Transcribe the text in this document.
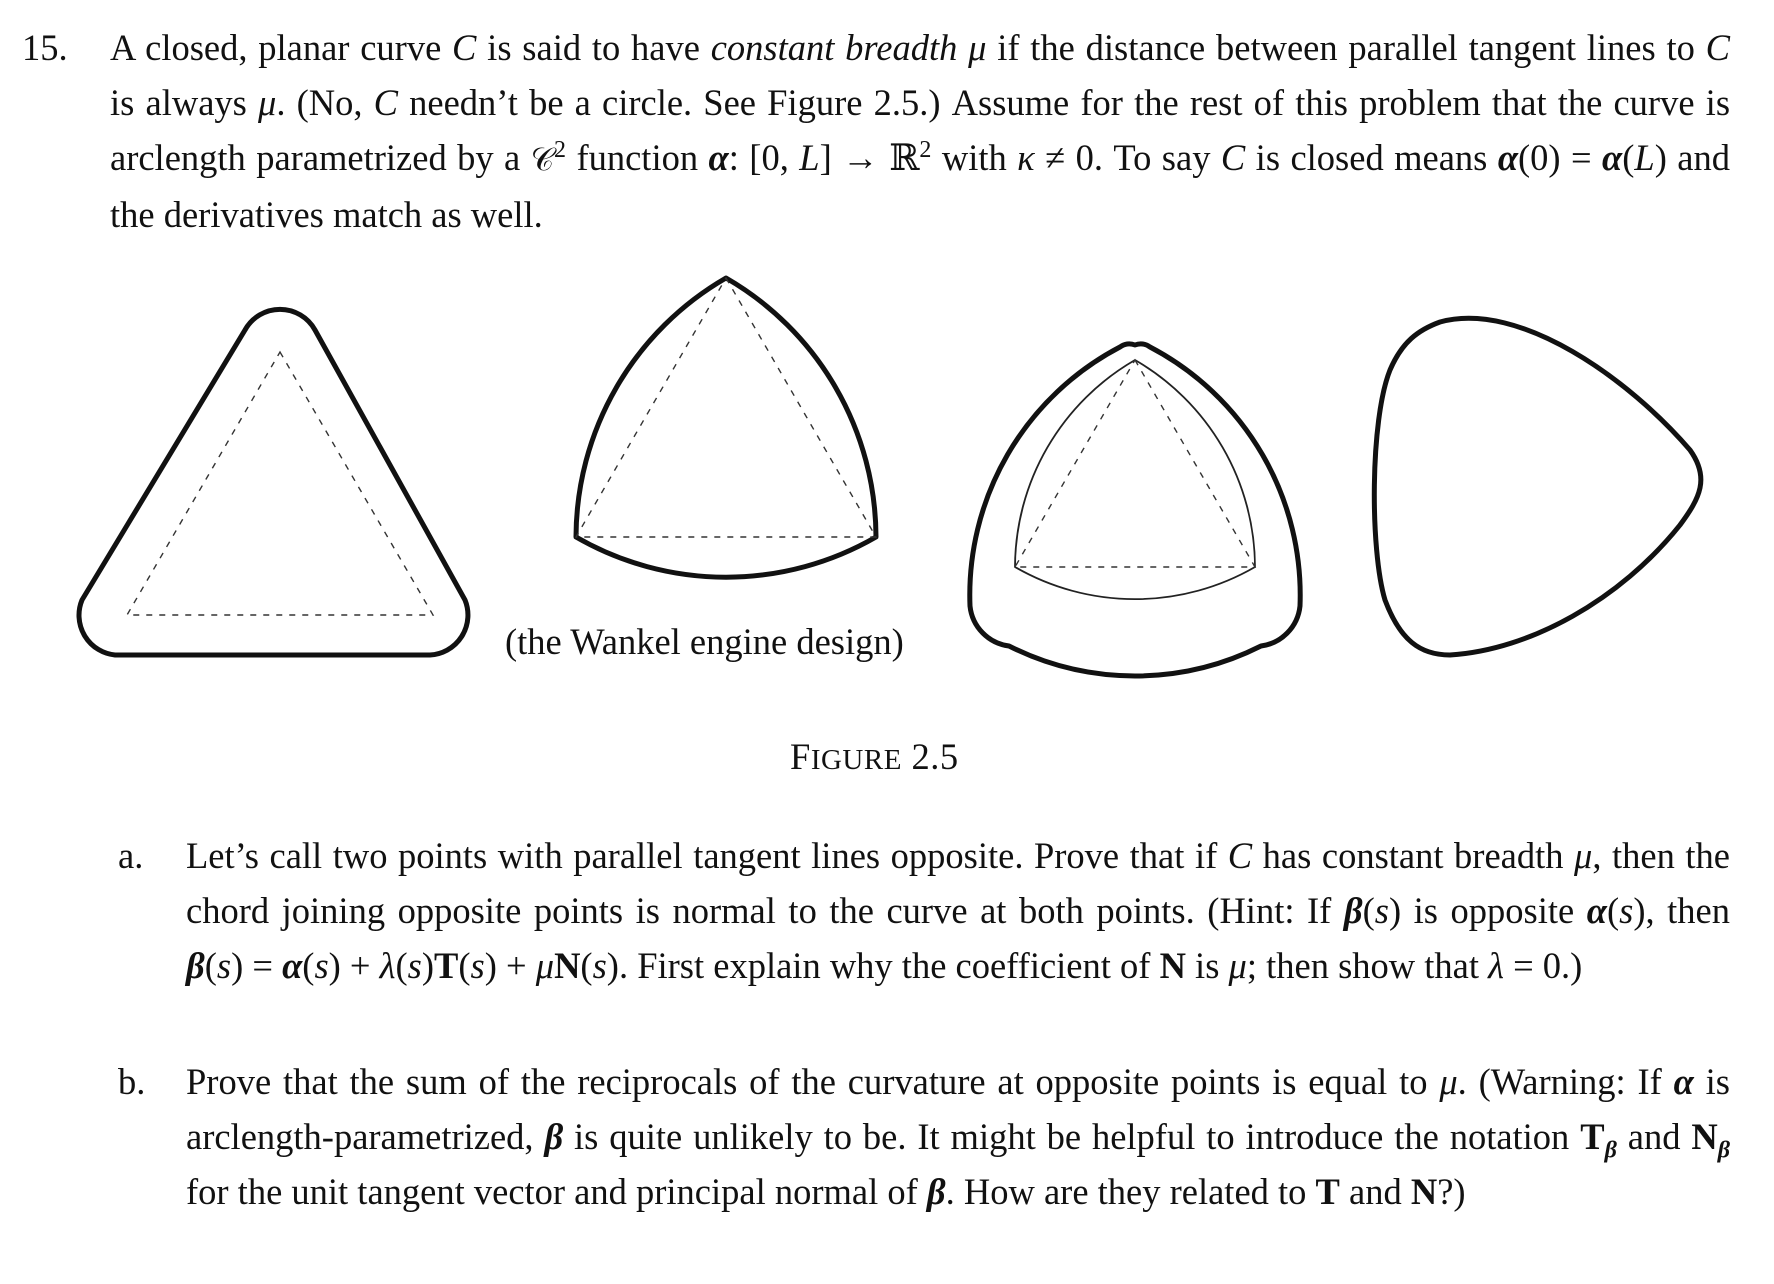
15. A closed, planar curve C is said to have constant breadth μ if the distance between parallel tangent lines to C is always μ. (No, C needn’t be a circle. See Figure 2.5.) Assume for the rest of this problem that the curve is arclength parametrized by a 𝒞$^2$ function α: [0, L] → ℝ$^2$ with κ ≠ 0. To say C is closed means α(0) = α(L) and the derivatives match as well.
(the Wankel engine design)
FIGURE 2.5
a. Let’s call two points with parallel tangent lines opposite. Prove that if C has constant breadth μ, then the chord joining opposite points is normal to the curve at both points. (Hint: If β(s) is opposite α(s), then β(s) = α(s) + λ(s)T(s) + μN(s). First explain why the coefficient of N is μ; then show that λ = 0.)
b. Prove that the sum of the reciprocals of the curvature at opposite points is equal to μ. (Warning: If α is arclength-parametrized, β is quite unlikely to be. It might be helpful to introduce the notation $T_\beta$ and $N_\beta$ for the unit tangent vector and principal normal of β. How are they related to T and N?)
